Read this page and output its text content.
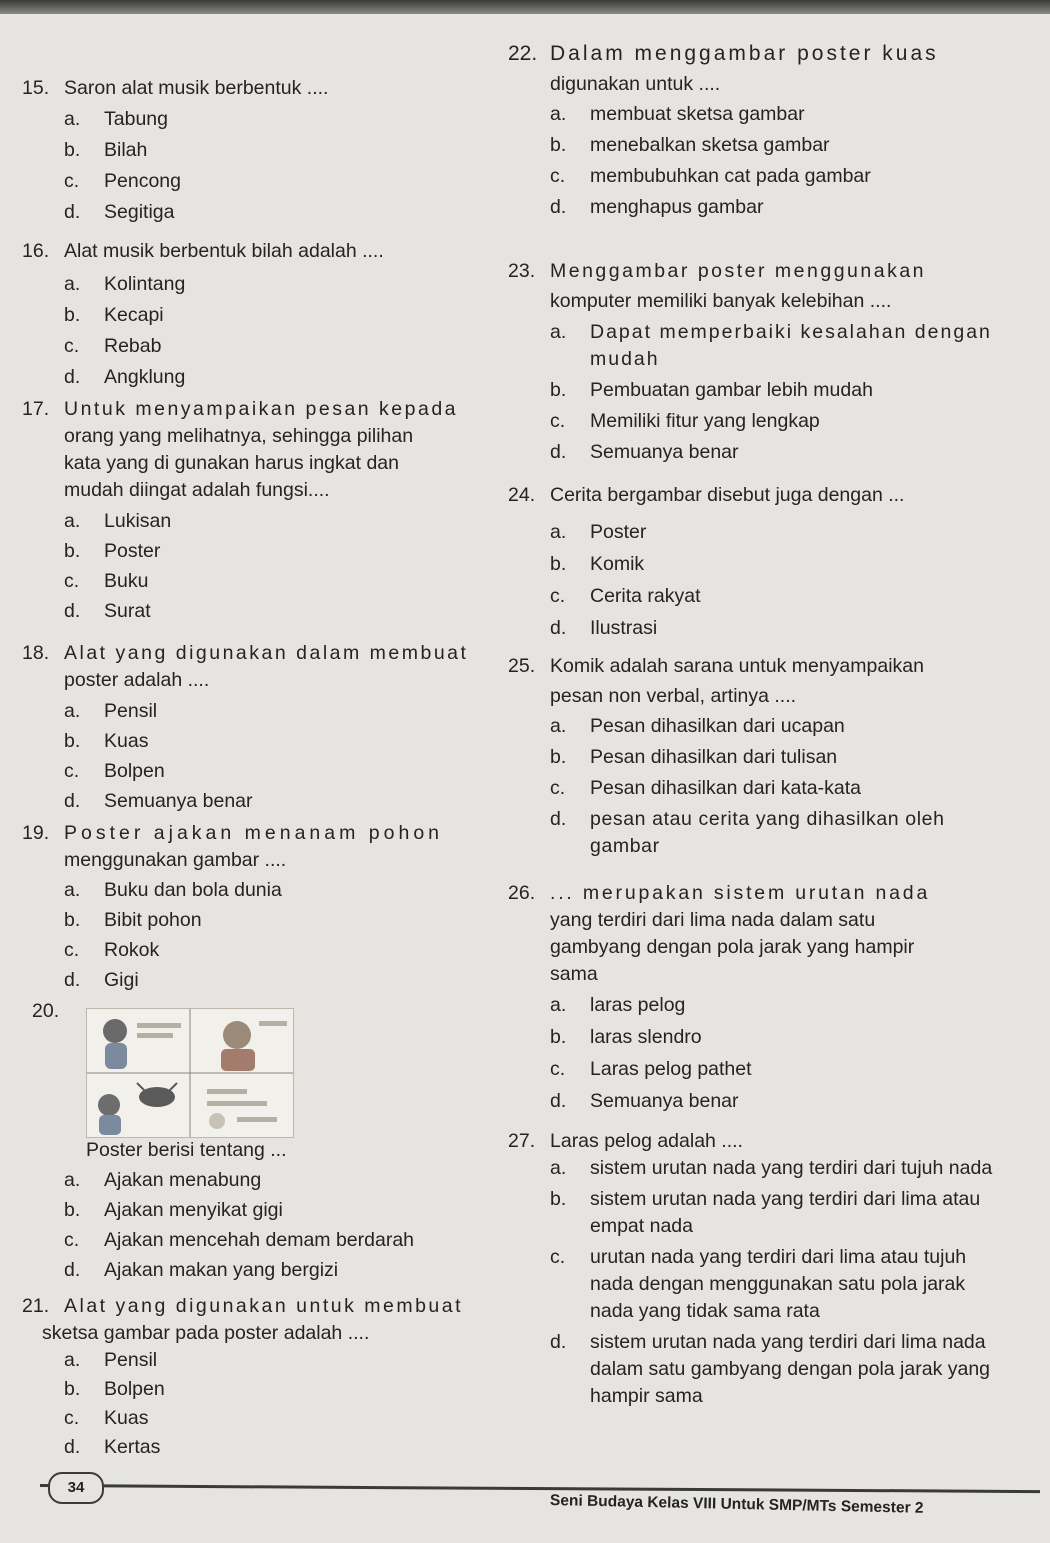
15. Saron alat musik berbentuk ....
a.	Tabung
b.	Bilah
c.	Pencong
d.	Segitiga
16. Alat musik berbentuk bilah adalah ....
a.	Kolintang
b.	Kecapi
c.	Rebab
d.	Angklung
17. Untuk menyampaikan pesan kepada
orang yang melihatnya, sehingga pilihan
kata yang di gunakan harus ingkat dan
mudah diingat adalah fungsi....
a.	Lukisan
b.	Poster
c.	Buku
d.	Surat
18. Alat yang digunakan dalam membuat
poster adalah ....
a.	Pensil
b.	Kuas
c.	Bolpen
d.	Semuanya benar
19. Poster ajakan menanam pohon
menggunakan gambar ....
a.	Buku dan bola dunia
b.	Bibit pohon
c.	Rokok
d.	Gigi
20.
Poster berisi tentang ...
a.	Ajakan menabung
b.	Ajakan menyikat gigi
c.	Ajakan mencehah demam berdarah
d.	Ajakan makan yang bergizi
21. Alat yang digunakan untuk membuat
sketsa gambar pada poster adalah ....
a.	Pensil
b.	Bolpen
c.	Kuas
d.	Kertas
22. Dalam menggambar poster kuas
digunakan untuk ....
a.	membuat sketsa gambar
b.	menebalkan sketsa gambar
c.	membubuhkan cat pada gambar
d.	menghapus gambar
23. Menggambar poster menggunakan
komputer memiliki banyak kelebihan ....
a.	Dapat memperbaiki kesalahan dengan mudah
b.	Pembuatan gambar lebih mudah
c.	Memiliki fitur yang lengkap
d.	Semuanya benar
24. Cerita bergambar disebut juga dengan ...
a.	Poster
b.	Komik
c.	Cerita rakyat
d.	Ilustrasi
25. Komik adalah sarana untuk menyampaikan
pesan non verbal, artinya ....
a.	Pesan dihasilkan dari ucapan
b.	Pesan dihasilkan dari tulisan
c.	Pesan dihasilkan dari kata-kata
d.	pesan atau cerita yang dihasilkan oleh gambar
26. ... merupakan sistem urutan nada
yang terdiri dari lima nada dalam satu
gambyang dengan pola jarak yang hampir
sama
a.	laras pelog
b.	laras slendro
c.	Laras pelog pathet
d.	Semuanya benar
27. Laras pelog adalah ....
a.	sistem urutan nada yang terdiri dari tujuh nada
b.	sistem urutan nada yang terdiri dari lima atau empat nada
c.	urutan nada yang terdiri dari lima atau tujuh nada dengan menggunakan satu pola jarak nada yang tidak sama rata
d.	sistem urutan nada yang terdiri dari lima nada dalam satu gambyang dengan pola jarak yang hampir sama
34
Seni Budaya Kelas VIII Untuk SMP/MTs Semester 2
